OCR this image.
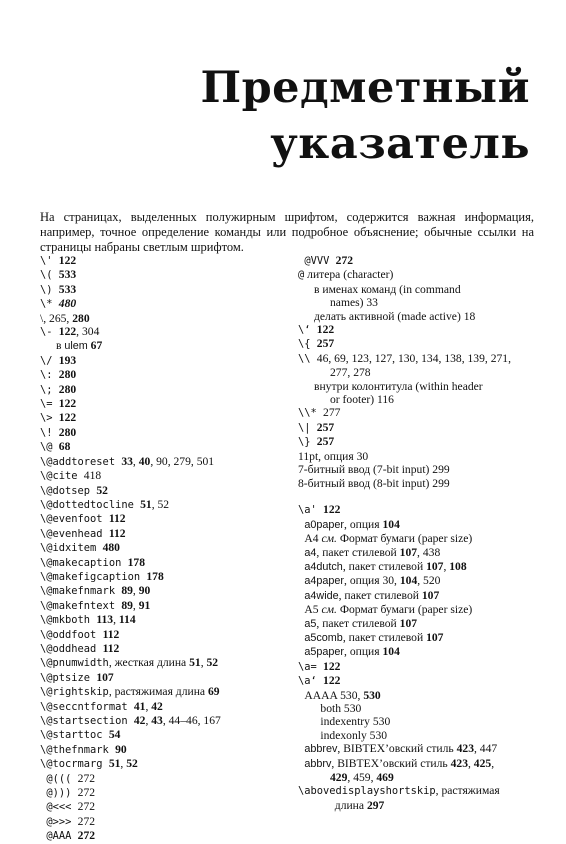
Предметный
указатель
На страницах, выделенных полужирным шрифтом, содержится важная информация, например, точное определение команды или подробное объяснение; обычные ссылки на страницы набраны светлым шрифтом.
\' 122
\( 533
\) 533
\* 480
\, 265, 280
\- 122, 304
в ulem 67
\/ 193
\: 280
\; 280
\= 122
\> 122
\! 280
\@ 68
\@addtoreset 33, 40, 90, 279, 501
\@cite 418
\@dotsep 52
\@dottedtocline 51, 52
\@evenfoot 112
\@evenhead 112
\@idxitem 480
\@makecaption 178
\@makefigcaption 178
\@makefnmark 89, 90
\@makefntext 89, 91
\@mkboth 113, 114
\@oddfoot 112
\@oddhead 112
\@pnumwidth, жесткая длина 51, 52
\@ptsize 107
\@rightskip, растяжимая длина 69
\@seccntformat 41, 42
\@startsection 42, 43, 44–46, 167
\@starttoc 54
\@thefnmark 90
\@tocrmarg 51, 52
@((( 272
@))) 272
@<<< 272
@>>> 272
@AAA 272
@VVV 272
@ литера (character)
в именах команд (in command
names) 33
делать активной (made active) 18
\‘ 122
\{ 257
\\ 46, 69, 123, 127, 130, 134, 138, 139, 271,
277, 278
внутри колонтитула (within header
or footer) 116
\\* 277
\| 257
\} 257
11pt, опция 30
7-битный ввод (7-bit input) 299
8-битный ввод (8-bit input) 299
\a' 122
a0paper, опция 104
A4 см. Формат бумаги (paper size)
a4, пакет стилевой 107, 438
a4dutch, пакет стилевой 107, 108
a4paper, опция 30, 104, 520
a4wide, пакет стилевой 107
A5 см. Формат бумаги (paper size)
a5, пакет стилевой 107
a5comb, пакет стилевой 107
a5paper, опция 104
\a= 122
\a‘ 122
AAAA 530, 530
both 530
indexentry 530
indexonly 530
abbrev, BIBTEX’овский стиль 423, 447
abbrv, BIBTEX’овский стиль 423, 425,
429, 459, 469
\abovedisplayshortskip, растяжимая
длина 297
